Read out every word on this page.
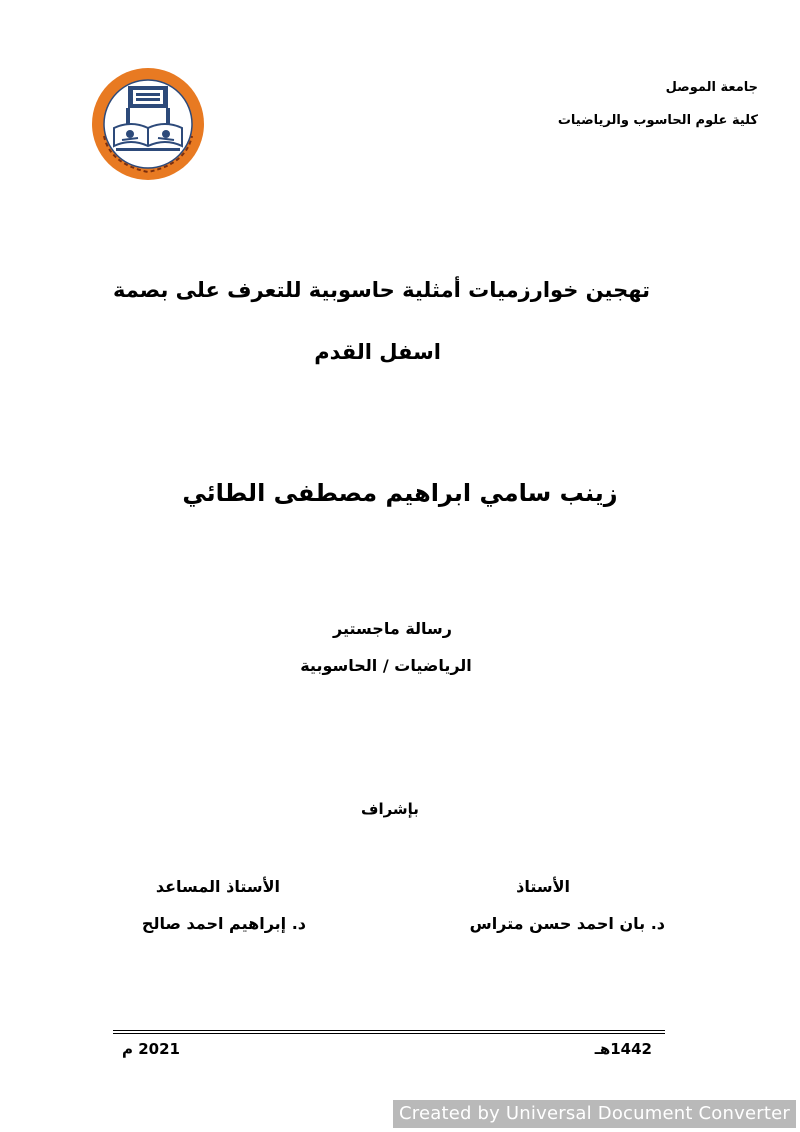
جامعة الموصل
كلية علوم الحاسوب والرياضيات
تهجين خوارزميات أمثلية حاسوبية للتعرف على بصمة
اسفل القدم
زينب سامي ابراهيم مصطفى الطائي
رسالة ماجستير
الرياضيات / الحاسوبية
بإشراف
الأستاذ
د. بان احمد حسن متراس
الأستاذ المساعد
د. إبراهيم احمد صالح
1442هـ
2021 م
Created by Universal Document Converter
